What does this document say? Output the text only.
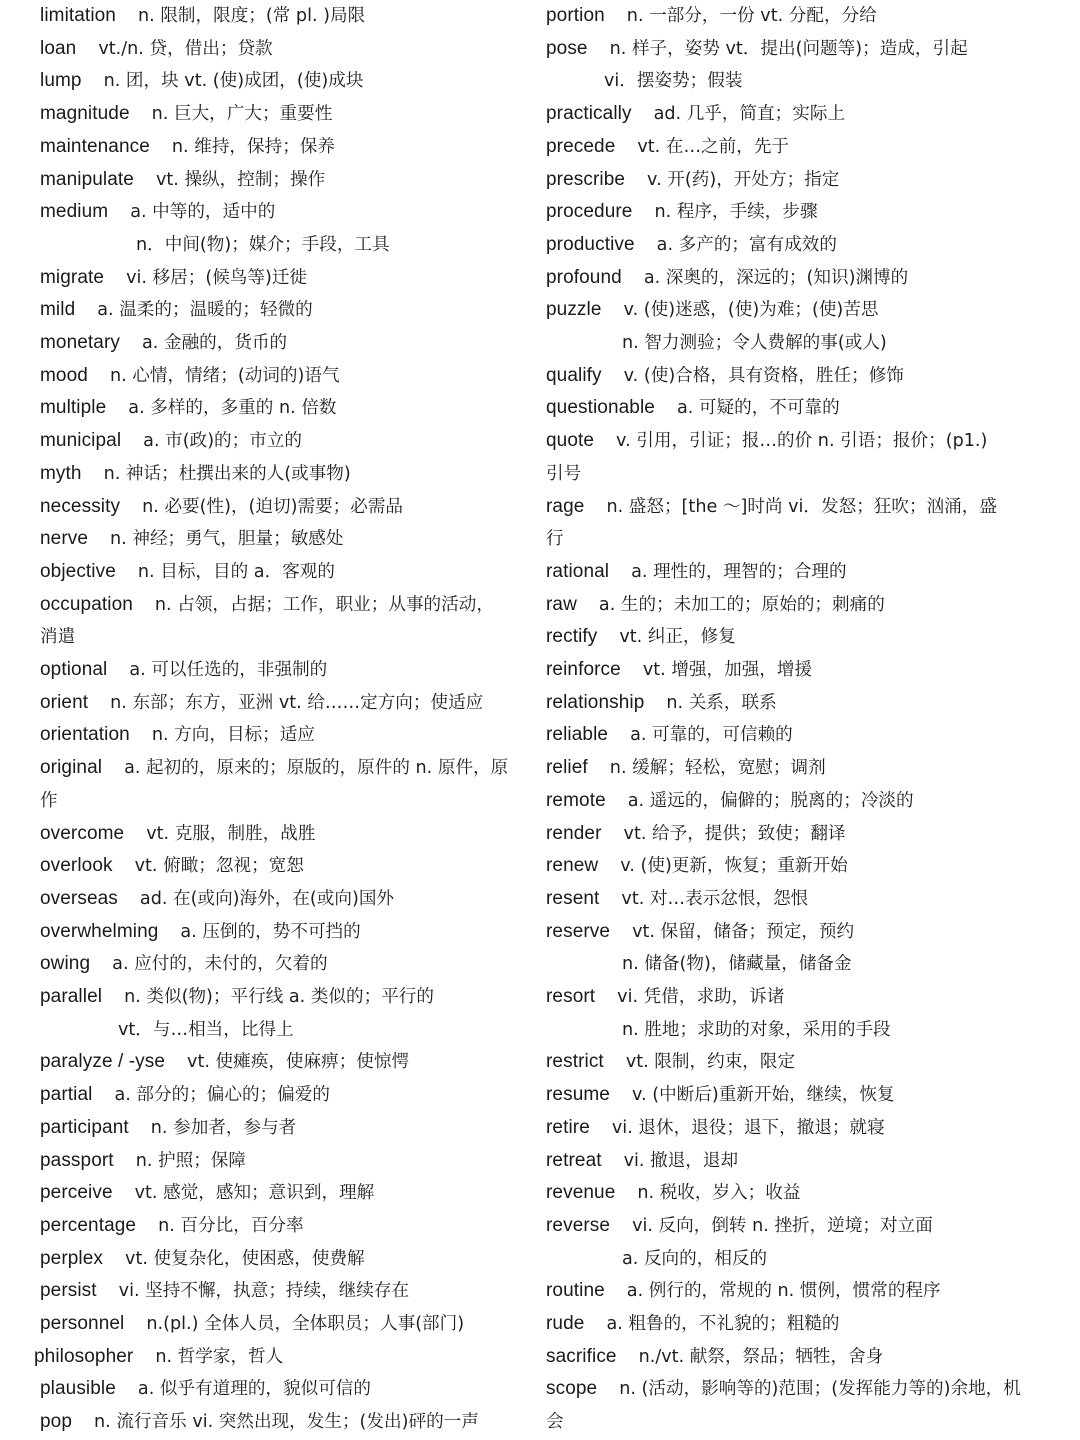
limitation n. 限制，限度；(常 pl. )局限
loan vt./n. 贷，借出；贷款
lump n. 团，块 vt. (使)成团，(使)成块
magnitude n. 巨大，广大；重要性
maintenance n. 维持，保持；保养
manipulate vt. 操纵，控制；操作
medium a. 中等的，适中的
n．中间(物)；媒介；手段，工具
migrate vi. 移居；(候鸟等)迁徙
mild a. 温柔的；温暖的；轻微的
monetary a. 金融的，货币的
mood n. 心情，情绪；(动词的)语气
multiple a. 多样的，多重的 n. 倍数
municipal a. 市(政)的；市立的
myth n. 神话；杜撰出来的人(或事物)
necessity n. 必要(性)，(迫切)需要；必需品
nerve n. 神经；勇气，胆量；敏感处
objective n. 目标，目的 a．客观的
occupation n. 占领，占据；工作，职业；从事的活动，
消遣
optional a. 可以任选的，非强制的
orient n. 东部；东方，亚洲 vt. 给……定方向；使适应
orientation n. 方向，目标；适应
original a. 起初的，原来的；原版的，原件的 n. 原件，原
作
overcome vt. 克服，制胜，战胜
overlook vt. 俯瞰；忽视；宽恕
overseas ad. 在(或向)海外，在(或向)国外
overwhelming a. 压倒的，势不可挡的
owing a. 应付的，未付的，欠着的
parallel n. 类似(物)；平行线 a. 类似的；平行的
vt．与…相当，比得上
paralyze / -yse vt. 使瘫痪，使麻痹；使惊愕
partial a. 部分的；偏心的；偏爱的
participant n. 参加者，参与者
passport n. 护照；保障
perceive vt. 感觉，感知；意识到，理解
percentage n. 百分比，百分率
perplex vt. 使复杂化，使困惑，使费解
persist vi. 坚持不懈，执意；持续，继续存在
personnel n.(pl.) 全体人员，全体职员；人事(部门)
philosopher n. 哲学家，哲人
plausible a. 似乎有道理的，貌似可信的
pop n. 流行音乐 vi. 突然出现，发生；(发出)砰的一声
portion n. 一部分，一份 vt. 分配，分给
pose n. 样子，姿势 vt．提出(问题等)；造成，引起
vi．摆姿势；假装
practically ad. 几乎，简直；实际上
precede vt. 在…之前，先于
prescribe v. 开(药)，开处方；指定
procedure n. 程序，手续，步骤
productive a. 多产的；富有成效的
profound a. 深奥的，深远的；(知识)渊博的
puzzle v. (使)迷惑，(使)为难；(使)苦思
n. 智力测验；令人费解的事(或人)
qualify v. (使)合格，具有资格，胜任；修饰
questionable a. 可疑的，不可靠的
quote v. 引用，引证；报…的价 n. 引语；报价；(p1.)
引号
rage n. 盛怒；[the ～]时尚 vi．发怒；狂吹；汹涌，盛
行
rational a. 理性的，理智的；合理的
raw a. 生的；未加工的；原始的；刺痛的
rectify vt. 纠正，修复
reinforce vt. 增强，加强，增援
relationship n. 关系，联系
reliable a. 可靠的，可信赖的
relief n. 缓解；轻松，宽慰；调剂
remote a. 遥远的，偏僻的；脱离的；冷淡的
render vt. 给予，提供；致使；翻译
renew v. (使)更新，恢复；重新开始
resent vt. 对…表示忿恨，怨恨
reserve vt. 保留，储备；预定，预约
n. 储备(物)，储藏量，储备金
resort vi. 凭借，求助，诉诸
n. 胜地；求助的对象，采用的手段
restrict vt. 限制，约束，限定
resume v. (中断后)重新开始，继续，恢复
retire vi. 退休，退役；退下，撤退；就寝
retreat vi. 撤退，退却
revenue n. 税收，岁入；收益
reverse vi. 反向，倒转 n. 挫折，逆境；对立面
a. 反向的，相反的
routine a. 例行的，常规的 n. 惯例，惯常的程序
rude a. 粗鲁的，不礼貌的；粗糙的
sacrifice n./vt. 献祭，祭品；牺牲，舍身
scope n. (活动，影响等的)范围；(发挥能力等的)余地，机
会
